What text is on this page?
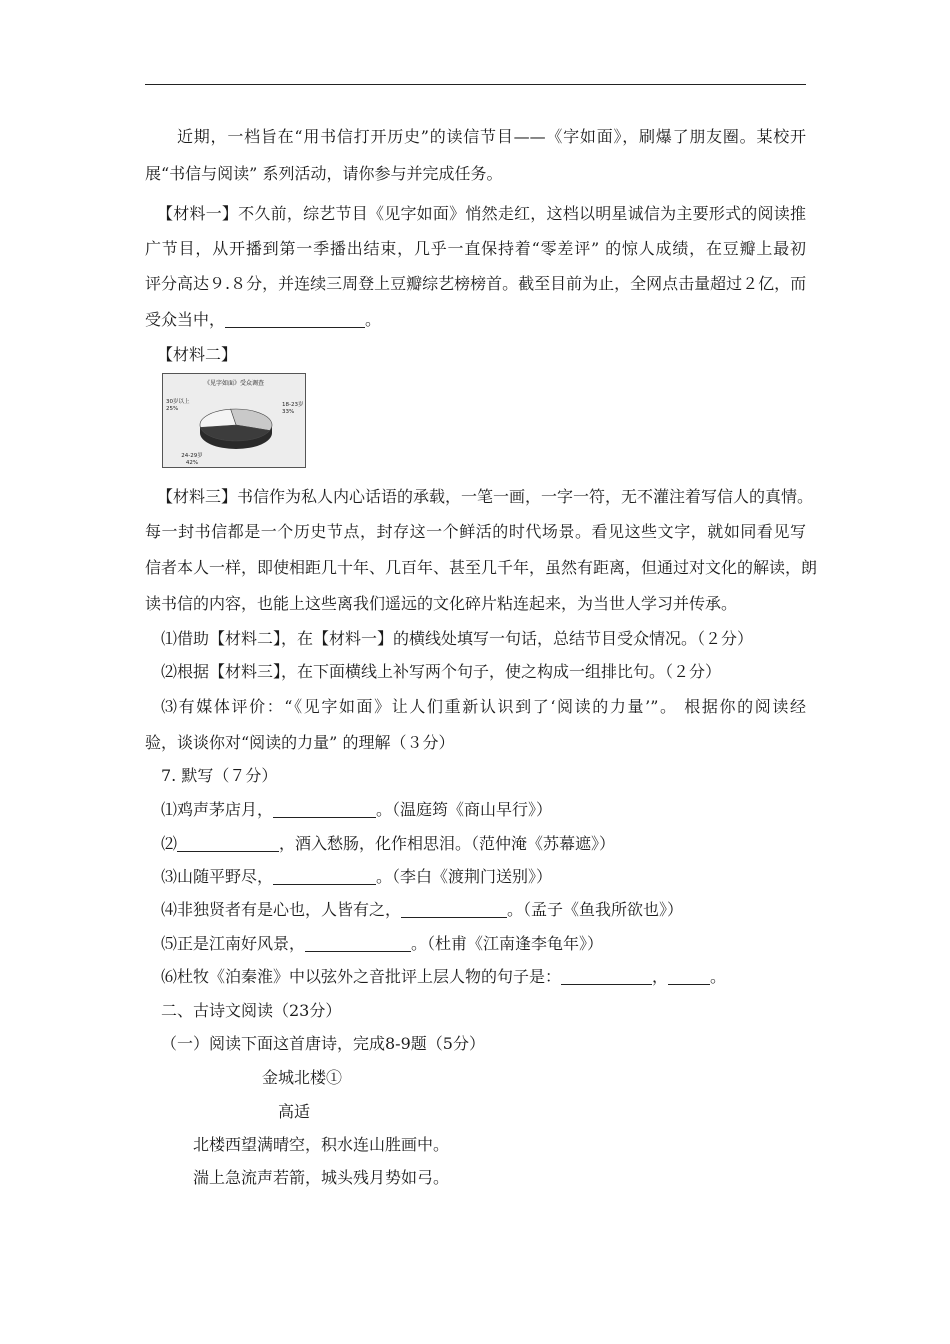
近期，一档旨在“用书信打开历史”的读信节目——《字如面》，刷爆了朋友圈。某校开
展“书信与阅读” 系列活动，请你参与并完成任务。
【材料一】不久前，综艺节目《见字如面》悄然走红，这档以明星诚信为主要形式的阅读推
广节目，从开播到第一季播出结束，几乎一直保持着“零差评” 的惊人成绩，在豆瓣上最初
评分高达９.８分，并连续三周登上豆瓣综艺榜榜首。截至目前为止，全网点击量超过２亿，而
受众当中，	。
【材料二】
《见字如面》受众调查
18-23岁
33%
24-29岁
42%
30岁以上
25%
【材料三】书信作为私人内心话语的承载，一笔一画，一字一符，无不灌注着写信人的真情。
每一封书信都是一个历史节点，封存这一个鲜活的时代场景。看见这些文字，就如同看见写
信者本人一样，即使相距几十年、几百年、甚至几千年，虽然有距离，但通过对文化的解读，朗
读书信的内容，也能上这些离我们遥远的文化碎片粘连起来，为当世人学习并传承。
⑴借助【材料二】，在【材料一】的横线处填写一句话，总结节目受众情况。（２分）
⑵根据【材料三】，在下面横线上补写两个句子，使之构成一组排比句。（２分）
⑶有媒体评价：“《见字如面》让人们重新认识到了‘阅读的力量’”。 根据你的阅读经
验，谈谈你对“阅读的力量” 的理解（３分）
7. 默写（７分）
⑴鸡声茅店月，	。（温庭筠《商山早行》）
⑵	，酒入愁肠，化作相思泪。（范仲淹《苏幕遮》）
⑶山随平野尽，	。（李白《渡荆门送别》）
⑷非独贤者有是心也，人皆有之，	。（孟子《鱼我所欲也》）
⑸正是江南好风景，	。（杜甫《江南逢李龟年》）
⑹杜牧《泊秦淮》中以弦外之音批评上层人物的句子是：	，	。
二、古诗文阅读（23分）
（一）阅读下面这首唐诗，完成8-9题（5分）
金城北楼①
高适
北楼西望满晴空，积水连山胜画中。
湍上急流声若箭，城头残月势如弓。
